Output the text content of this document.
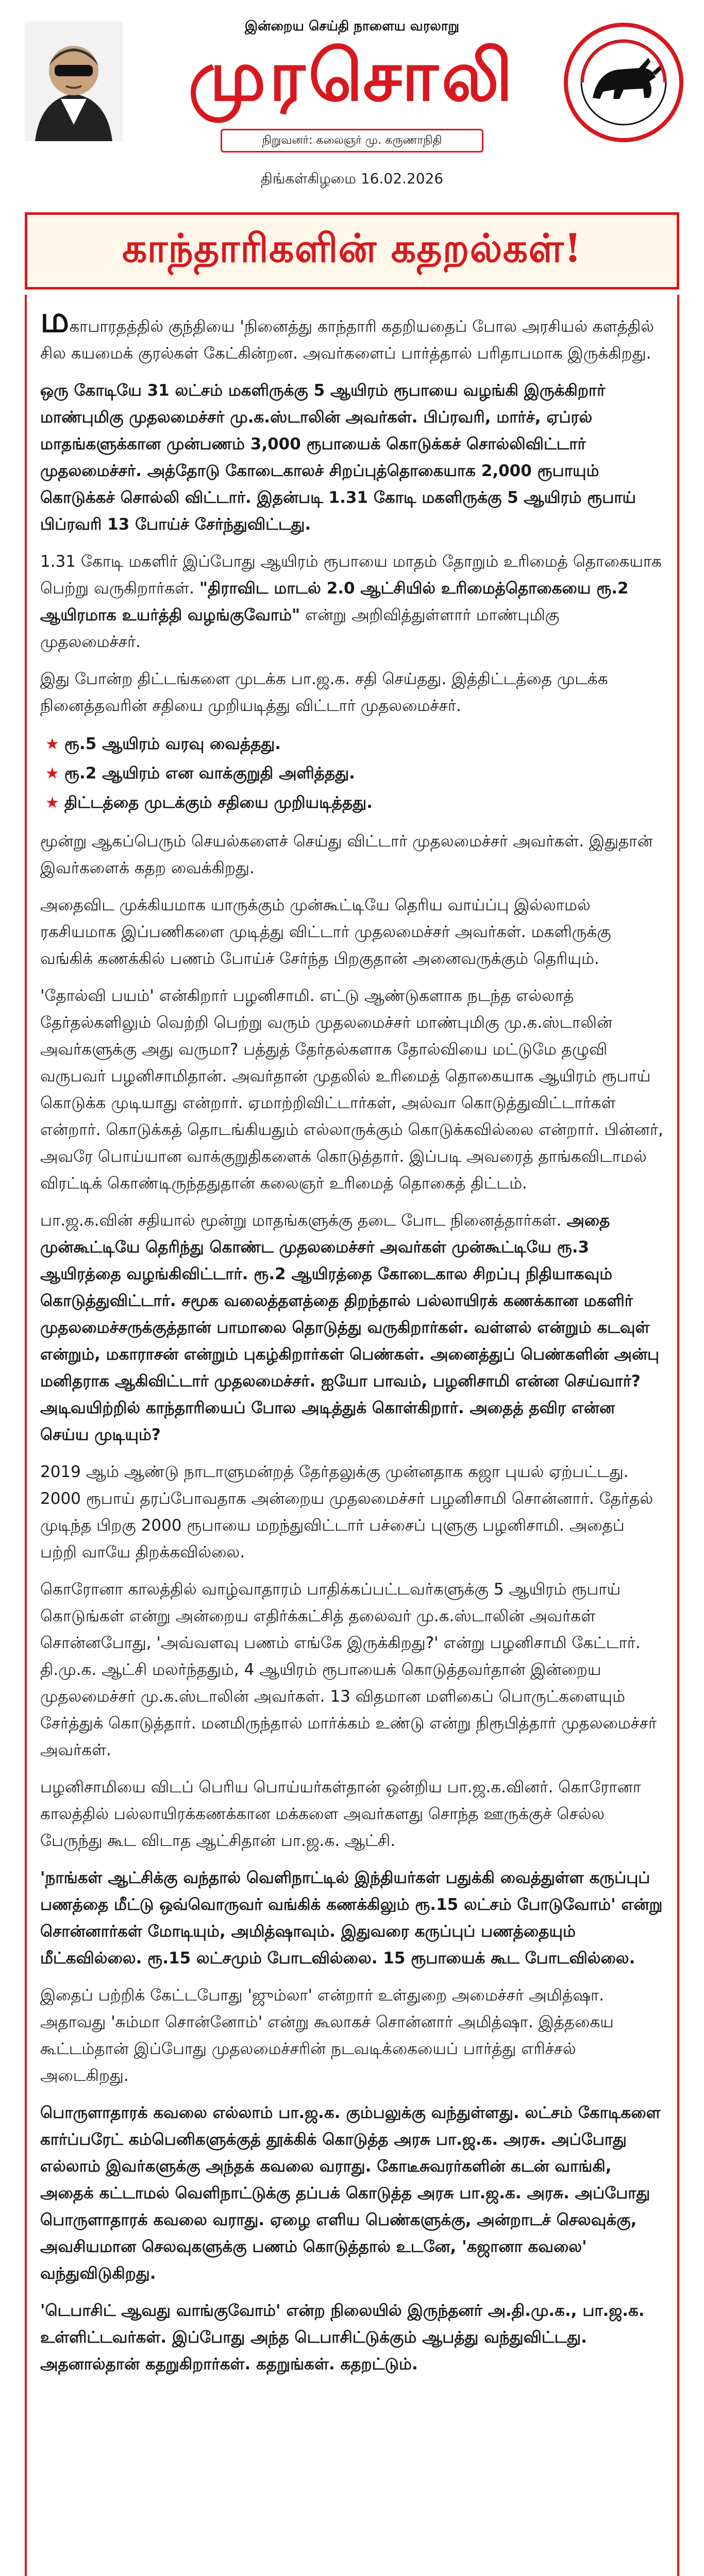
இன்றைய செய்தி நாளைய வரலாறு
முரசொலி
நிறுவனர்: கலைஞர் மு. கருணாநிதி
திங்கள்கிழமை 16.02.2026
காந்தாரிகளின் கதறல்கள்!

மகாபாரதத்தில் குந்தியை 'நினைத்து காந்தாரி கதறியதைப் போல அரசியல் களத்தில் சில கயமைக் குரல்கள் கேட்கின்றன. அவர்களைப் பார்த்தால் பரிதாபமாக இருக்கிறது.

ஒரு கோடியே 31 லட்சம் மகளிருக்கு 5 ஆயிரம் ரூபாயை வழங்கி இருக்கிறார் மாண்புமிகு முதலமைச்சர் மு.க.ஸ்டாலின் அவர்கள். பிப்ரவரி, மார்ச், ஏப்ரல் மாதங்களுக்கான முன்பணம் 3,000 ரூபாயைக் கொடுக்கச் சொல்லிவிட்டார் முதலமைச்சர். அத்தோடு கோடைகாலச் சிறப்புத்தொகையாக 2,000 ரூபாயும் கொடுக்கச் சொல்லி விட்டார். இதன்படி 1.31 கோடி மகளிருக்கு 5 ஆயிரம் ரூபாய் பிப்ரவரி 13 போய்ச் சேர்ந்துவிட்டது.

1.31 கோடி மகளிர் இப்போது ஆயிரம் ரூபாயை மாதம் தோறும் உரிமைத் தொகையாக பெற்று வருகிறார்கள். "திராவிட மாடல் 2.0 ஆட்சியில் உரிமைத்தொகையை ரூ.2 ஆயிரமாக உயர்த்தி வழங்குவோம்" என்று அறிவித்துள்ளார் மாண்புமிகு முதலமைச்சர்.

இது போன்ற திட்டங்களை முடக்க பா.ஜ.க. சதி செய்தது. இத்திட்டத்தை முடக்க நினைத்தவரின் சதியை முறியடித்து விட்டார் முதலமைச்சர்.

★ ரூ.5 ஆயிரம் வரவு வைத்தது.
★ ரூ.2 ஆயிரம் என வாக்குறுதி அளித்தது.
★ திட்டத்தை முடக்கும் சதியை முறியடித்தது.

மூன்று ஆகப்பெரும் செயல்களைச் செய்து விட்டார் முதலமைச்சர் அவர்கள். இதுதான் இவர்களைக் கதற வைக்கிறது.

அதைவிட முக்கியமாக யாருக்கும் முன்கூட்டியே தெரிய வாய்ப்பு இல்லாமல் ரகசியமாக இப்பணிகளை முடித்து விட்டார் முதலமைச்சர் அவர்கள். மகளிருக்கு வங்கிக் கணக்கில் பணம் போய்ச் சேர்ந்த பிறகுதான் அனைவருக்கும் தெரியும்.

'தோல்வி பயம்' என்கிறார் பழனிசாமி. எட்டு ஆண்டுகளாக நடந்த எல்லாத் தேர்தல்களிலும் வெற்றி பெற்று வரும் முதலமைச்சர் மாண்புமிகு மு.க.ஸ்டாலின் அவர்களுக்கு அது வருமா? பத்துத் தேர்தல்களாக தோல்வியை மட்டுமே தழுவி வருபவர் பழனிசாமிதான். அவர்தான் முதலில் உரிமைத் தொகையாக ஆயிரம் ரூபாய் கொடுக்க முடியாது என்றார். ஏமாற்றிவிட்டார்கள், அல்வா கொடுத்துவிட்டார்கள் என்றார். கொடுக்கத் தொடங்கியதும் எல்லாருக்கும் கொடுக்கவில்லை என்றார். பின்னர், அவரே பொய்யான வாக்குறுதிகளைக் கொடுத்தார். இப்படி அவரைத் தாங்கவிடாமல் விரட்டிக் கொண்டிருந்ததுதான் கலைஞர் உரிமைத் தொகைத் திட்டம்.

பா.ஜ.க.வின் சதியால் மூன்று மாதங்களுக்கு தடை போட நினைத்தார்கள். அதை முன்கூட்டியே தெரிந்து கொண்ட முதலமைச்சர் அவர்கள் முன்கூட்டியே ரூ.3 ஆயிரத்தை வழங்கிவிட்டார். ரூ.2 ஆயிரத்தை கோடைகால சிறப்பு நிதியாகவும் கொடுத்துவிட்டார். சமூக வலைத்தளத்தை திறந்தால் பல்லாயிரக் கணக்கான மகளிர் முதலமைச்சருக்குத்தான் பாமாலை தொடுத்து வருகிறார்கள். வள்ளல் என்றும் கடவுள் என்றும், மகாராசன் என்றும் புகழ்கிறார்கள் பெண்கள். அனைத்துப் பெண்களின் அன்பு மனிதராக ஆகிவிட்டார் முதலமைச்சர். ஐயோ பாவம், பழனிசாமி என்ன செய்வார்? அடிவயிற்றில் காந்தாரியைப் போல அடித்துக் கொள்கிறார். அதைத் தவிர என்ன செய்ய முடியும்?

2019 ஆம் ஆண்டு நாடாளுமன்றத் தேர்தலுக்கு முன்னதாக கஜா புயல் ஏற்பட்டது. 2000 ரூபாய் தரப்போவதாக அன்றைய முதலமைச்சர் பழனிசாமி சொன்னார். தேர்தல் முடிந்த பிறகு 2000 ரூபாயை மறந்துவிட்டார் பச்சைப் புளுகு பழனிசாமி. அதைப் பற்றி வாயே திறக்கவில்லை.

கொரோனா காலத்தில் வாழ்வாதாரம் பாதிக்கப்பட்டவர்களுக்கு 5 ஆயிரம் ரூபாய் கொடுங்கள் என்று அன்றைய எதிர்க்கட்சித் தலைவர் மு.க.ஸ்டாலின் அவர்கள் சொன்னபோது, 'அவ்வளவு பணம் எங்கே இருக்கிறது?' என்று பழனிசாமி கேட்டார். தி.மு.க. ஆட்சி மலர்ந்ததும், 4 ஆயிரம் ரூபாயைக் கொடுத்தவர்தான் இன்றைய முதலமைச்சர் மு.க.ஸ்டாலின் அவர்கள். 13 விதமான மளிகைப் பொருட்களையும் சேர்த்துக் கொடுத்தார். மனமிருந்தால் மார்க்கம் உண்டு என்று நிரூபித்தார் முதலமைச்சர் அவர்கள்.

பழனிசாமியை விடப் பெரிய பொய்யர்கள்தான் ஒன்றிய பா.ஜ.க.வினர். கொரோனா காலத்தில் பல்லாயிரக்கணக்கான மக்களை அவர்களது சொந்த ஊருக்குச் செல்ல பேருந்து கூட விடாத ஆட்சிதான் பா.ஜ.க. ஆட்சி.

'நாங்கள் ஆட்சிக்கு வந்தால் வெளிநாட்டில் இந்தியர்கள் பதுக்கி வைத்துள்ள கருப்புப் பணத்தை மீட்டு ஒவ்வொருவர் வங்கிக் கணக்கிலும் ரூ.15 லட்சம் போடுவோம்' என்று சொன்னார்கள் மோடியும், அமித்ஷாவும். இதுவரை கருப்புப் பணத்தையும் மீட்கவில்லை. ரூ.15 லட்சமும் போடவில்லை. 15 ரூபாயைக் கூட போடவில்லை.

இதைப் பற்றிக் கேட்டபோது 'ஜும்லா' என்றார் உள்துறை அமைச்சர் அமித்ஷா. அதாவது 'சும்மா சொன்னோம்' என்று கூலாகச் சொன்னார் அமித்ஷா. இத்தகைய கூட்டம்தான் இப்போது முதலமைச்சரின் நடவடிக்கையைப் பார்த்து எரிச்சல் அடைகிறது.

பொருளாதாரக் கவலை எல்லாம் பா.ஜ.க. கும்பலுக்கு வந்துள்ளது. லட்சம் கோடிகளை கார்ப்பரேட் கம்பெனிகளுக்குத் தூக்கிக் கொடுத்த அரசு பா.ஜ.க. அரசு. அப்போது எல்லாம் இவர்களுக்கு அந்தக் கவலை வராது. கோடீசுவரர்களின் கடன் வாங்கி, அதைக் கட்டாமல் வெளிநாட்டுக்கு தப்பக் கொடுத்த அரசு பா.ஜ.க. அரசு. அப்போது பொருளாதாரக் கவலை வராது. ஏழை எளிய பெண்களுக்கு, அன்றாடச் செலவுக்கு, அவசியமான செலவுகளுக்கு பணம் கொடுத்தால் உடனே, 'கஜானா கவலை' வந்துவிடுகிறது.

'டெபாசிட் ஆவது வாங்குவோம்' என்ற நிலையில் இருந்தனர் அ.தி.மு.க., பா.ஜ.க. உள்ளிட்டவர்கள். இப்போது அந்த டெபாசிட்டுக்கும் ஆபத்து வந்துவிட்டது. அதனால்தான் கதறுகிறார்கள். கதறுங்கள். கதறட்டும்.
